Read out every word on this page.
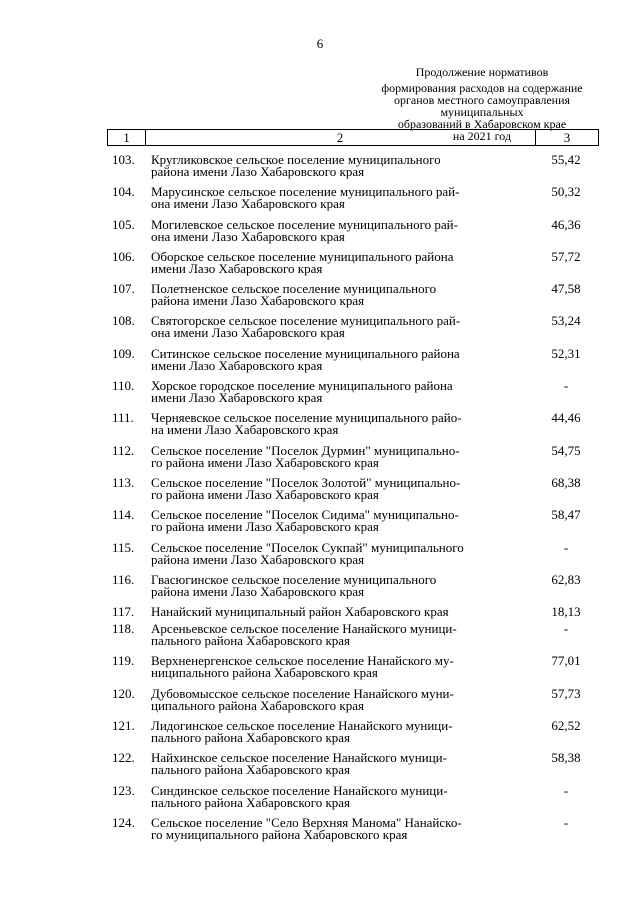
6
Продолжение нормативов
формирования расходов на содержание
органов местного самоуправления муниципальных
образований в Хабаровском крае
на 2021 год
1	2	3
103.	Кругликовское сельское поселение муниципального
района имени Лазо Хабаровского края
55,42
104.	Марусинское сельское поселение муниципального рай-
она имени Лазо Хабаровского края
50,32
105.	Могилевское сельское поселение муниципального рай-
она имени Лазо Хабаровского края
46,36
106.	Оборское сельское поселение муниципального района
имени Лазо Хабаровского края
57,72
107.	Полетненское сельское поселение муниципального
района имени Лазо Хабаровского края
47,58
108.	Святогорское сельское поселение муниципального рай-
она имени Лазо Хабаровского края
53,24
109.	Ситинское сельское поселение муниципального района
имени Лазо Хабаровского края
52,31
110.	Хорское городское поселение муниципального района
имени Лазо Хабаровского края
-
111.	Черняевское сельское поселение муниципального райо-
на имени Лазо Хабаровского края
44,46
112.	Сельское поселение "Поселок Дурмин" муниципально-
го района имени Лазо Хабаровского края
54,75
113.	Сельское поселение "Поселок Золотой" муниципально-
го района имени Лазо Хабаровского края
68,38
114.	Сельское поселение "Поселок Сидима" муниципально-
го района имени Лазо Хабаровского края
58,47
115.	Сельское поселение "Поселок Сукпай" муниципального
района имени Лазо Хабаровского края
-
116.	Гвасюгинское сельское поселение муниципального
района имени Лазо Хабаровского края
62,83
117.	Нанайский муниципальный район Хабаровского края	18,13
118.	Арсеньевское сельское поселение Нанайского муници-
пального района Хабаровского края
-
119.	Верхненергенское сельское поселение Нанайского му-
ниципального района Хабаровского края
77,01
120.	Дубовомысское сельское поселение Нанайского муни-
ципального района Хабаровского края
57,73
121.	Лидогинское сельское поселение Нанайского муници-
пального района Хабаровского края
62,52
122.	Найхинское сельское поселение Нанайского муници-
пального района Хабаровского края
58,38
123.	Синдинское сельское поселение Нанайского муници-
пального района Хабаровского края
-
124.	Сельское поселение "Село Верхняя Манома" Нанайско-
го муниципального района Хабаровского края
-
